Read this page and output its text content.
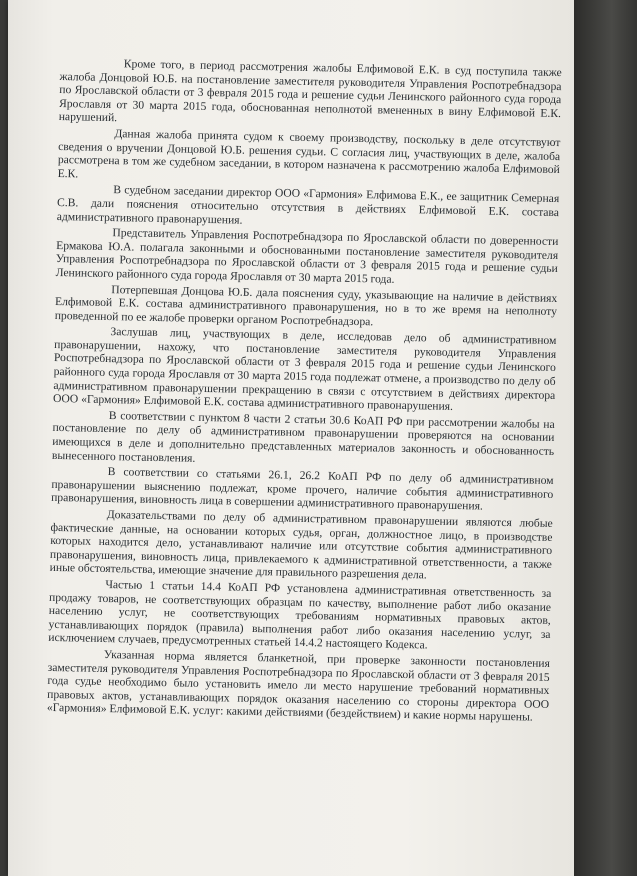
Кроме того, в период рассмотрения жалобы Елфимовой Е.К. в суд поступила также жалоба Донцовой Ю.Б. на постановление заместителя руководителя Управления Роспотребнадзора по Ярославской области от 3 февраля 2015 года и решение судьи Ленинского районного суда города Ярославля от 30 марта 2015 года, обоснованная неполнотой вмененных в вину Елфимовой Е.К. нарушений.

Данная жалоба принята судом к своему производству, поскольку в деле отсутствуют сведения о вручении Донцовой Ю.Б. решения судьи. С согласия лиц, участвующих в деле, жалоба рассмотрена в том же судебном заседании, в котором назначена к рассмотрению жалоба Елфимовой Е.К.

В судебном заседании директор ООО «Гармония» Елфимова Е.К., ее защитник Семерная С.В. дали пояснения относительно отсутствия в действиях Елфимовой Е.К. состава административного правонарушения.

Представитель Управления Роспотребнадзора по Ярославской области по доверенности Ермакова Ю.А. полагала законными и обоснованными постановление заместителя руководителя Управления Роспотребнадзора по Ярославской области от 3 февраля 2015 года и решение судьи Ленинского районного суда города Ярославля от 30 марта 2015 года.

Потерпевшая Донцова Ю.Б. дала пояснения суду, указывающие на наличие в действиях Елфимовой Е.К. состава административного правонарушения, но в то же время на неполноту проведенной по ее жалобе проверки органом Роспотребнадзора.

Заслушав лиц, участвующих в деле, исследовав дело об административном правонарушении, нахожу, что постановление заместителя руководителя Управления Роспотребнадзора по Ярославской области от 3 февраля 2015 года и решение судьи Ленинского районного суда города Ярославля от 30 марта 2015 года подлежат отмене, а производство по делу об административном правонарушении прекращению в связи с отсутствием в действиях директора ООО «Гармония» Елфимовой Е.К. состава административного правонарушения.

В соответствии с пунктом 8 части 2 статьи 30.6 КоАП РФ при рассмотрении жалобы на постановление по делу об административном правонарушении проверяются на основании имеющихся в деле и дополнительно представленных материалов законность и обоснованность вынесенного постановления.

В соответствии со статьями 26.1, 26.2 КоАП РФ по делу об административном правонарушении выяснению подлежат, кроме прочего, наличие события административного правонарушения, виновность лица в совершении административного правонарушения.

Доказательствами по делу об административном правонарушении являются любые фактические данные, на основании которых судья, орган, должностное лицо, в производстве которых находится дело, устанавливают наличие или отсутствие события административного правонарушения, виновность лица, привлекаемого к административной ответственности, а также иные обстоятельства, имеющие значение для правильного разрешения дела.

Частью 1 статьи 14.4 КоАП РФ установлена административная ответственность за продажу товаров, не соответствующих образцам по качеству, выполнение работ либо оказание населению услуг, не соответствующих требованиям нормативных правовых актов, устанавливающих порядок (правила) выполнения работ либо оказания населению услуг, за исключением случаев, предусмотренных статьей 14.4.2 настоящего Кодекса.

Указанная норма является бланкетной, при проверке законности постановления заместителя руководителя Управления Роспотребнадзора по Ярославской области от 3 февраля 2015 года судье необходимо было установить имело ли место нарушение требований нормативных правовых актов, устанавливающих порядок оказания населению со стороны директора ООО «Гармония» Елфимовой Е.К. услуг: какими действиями (бездействием) и какие нормы нарушены.
